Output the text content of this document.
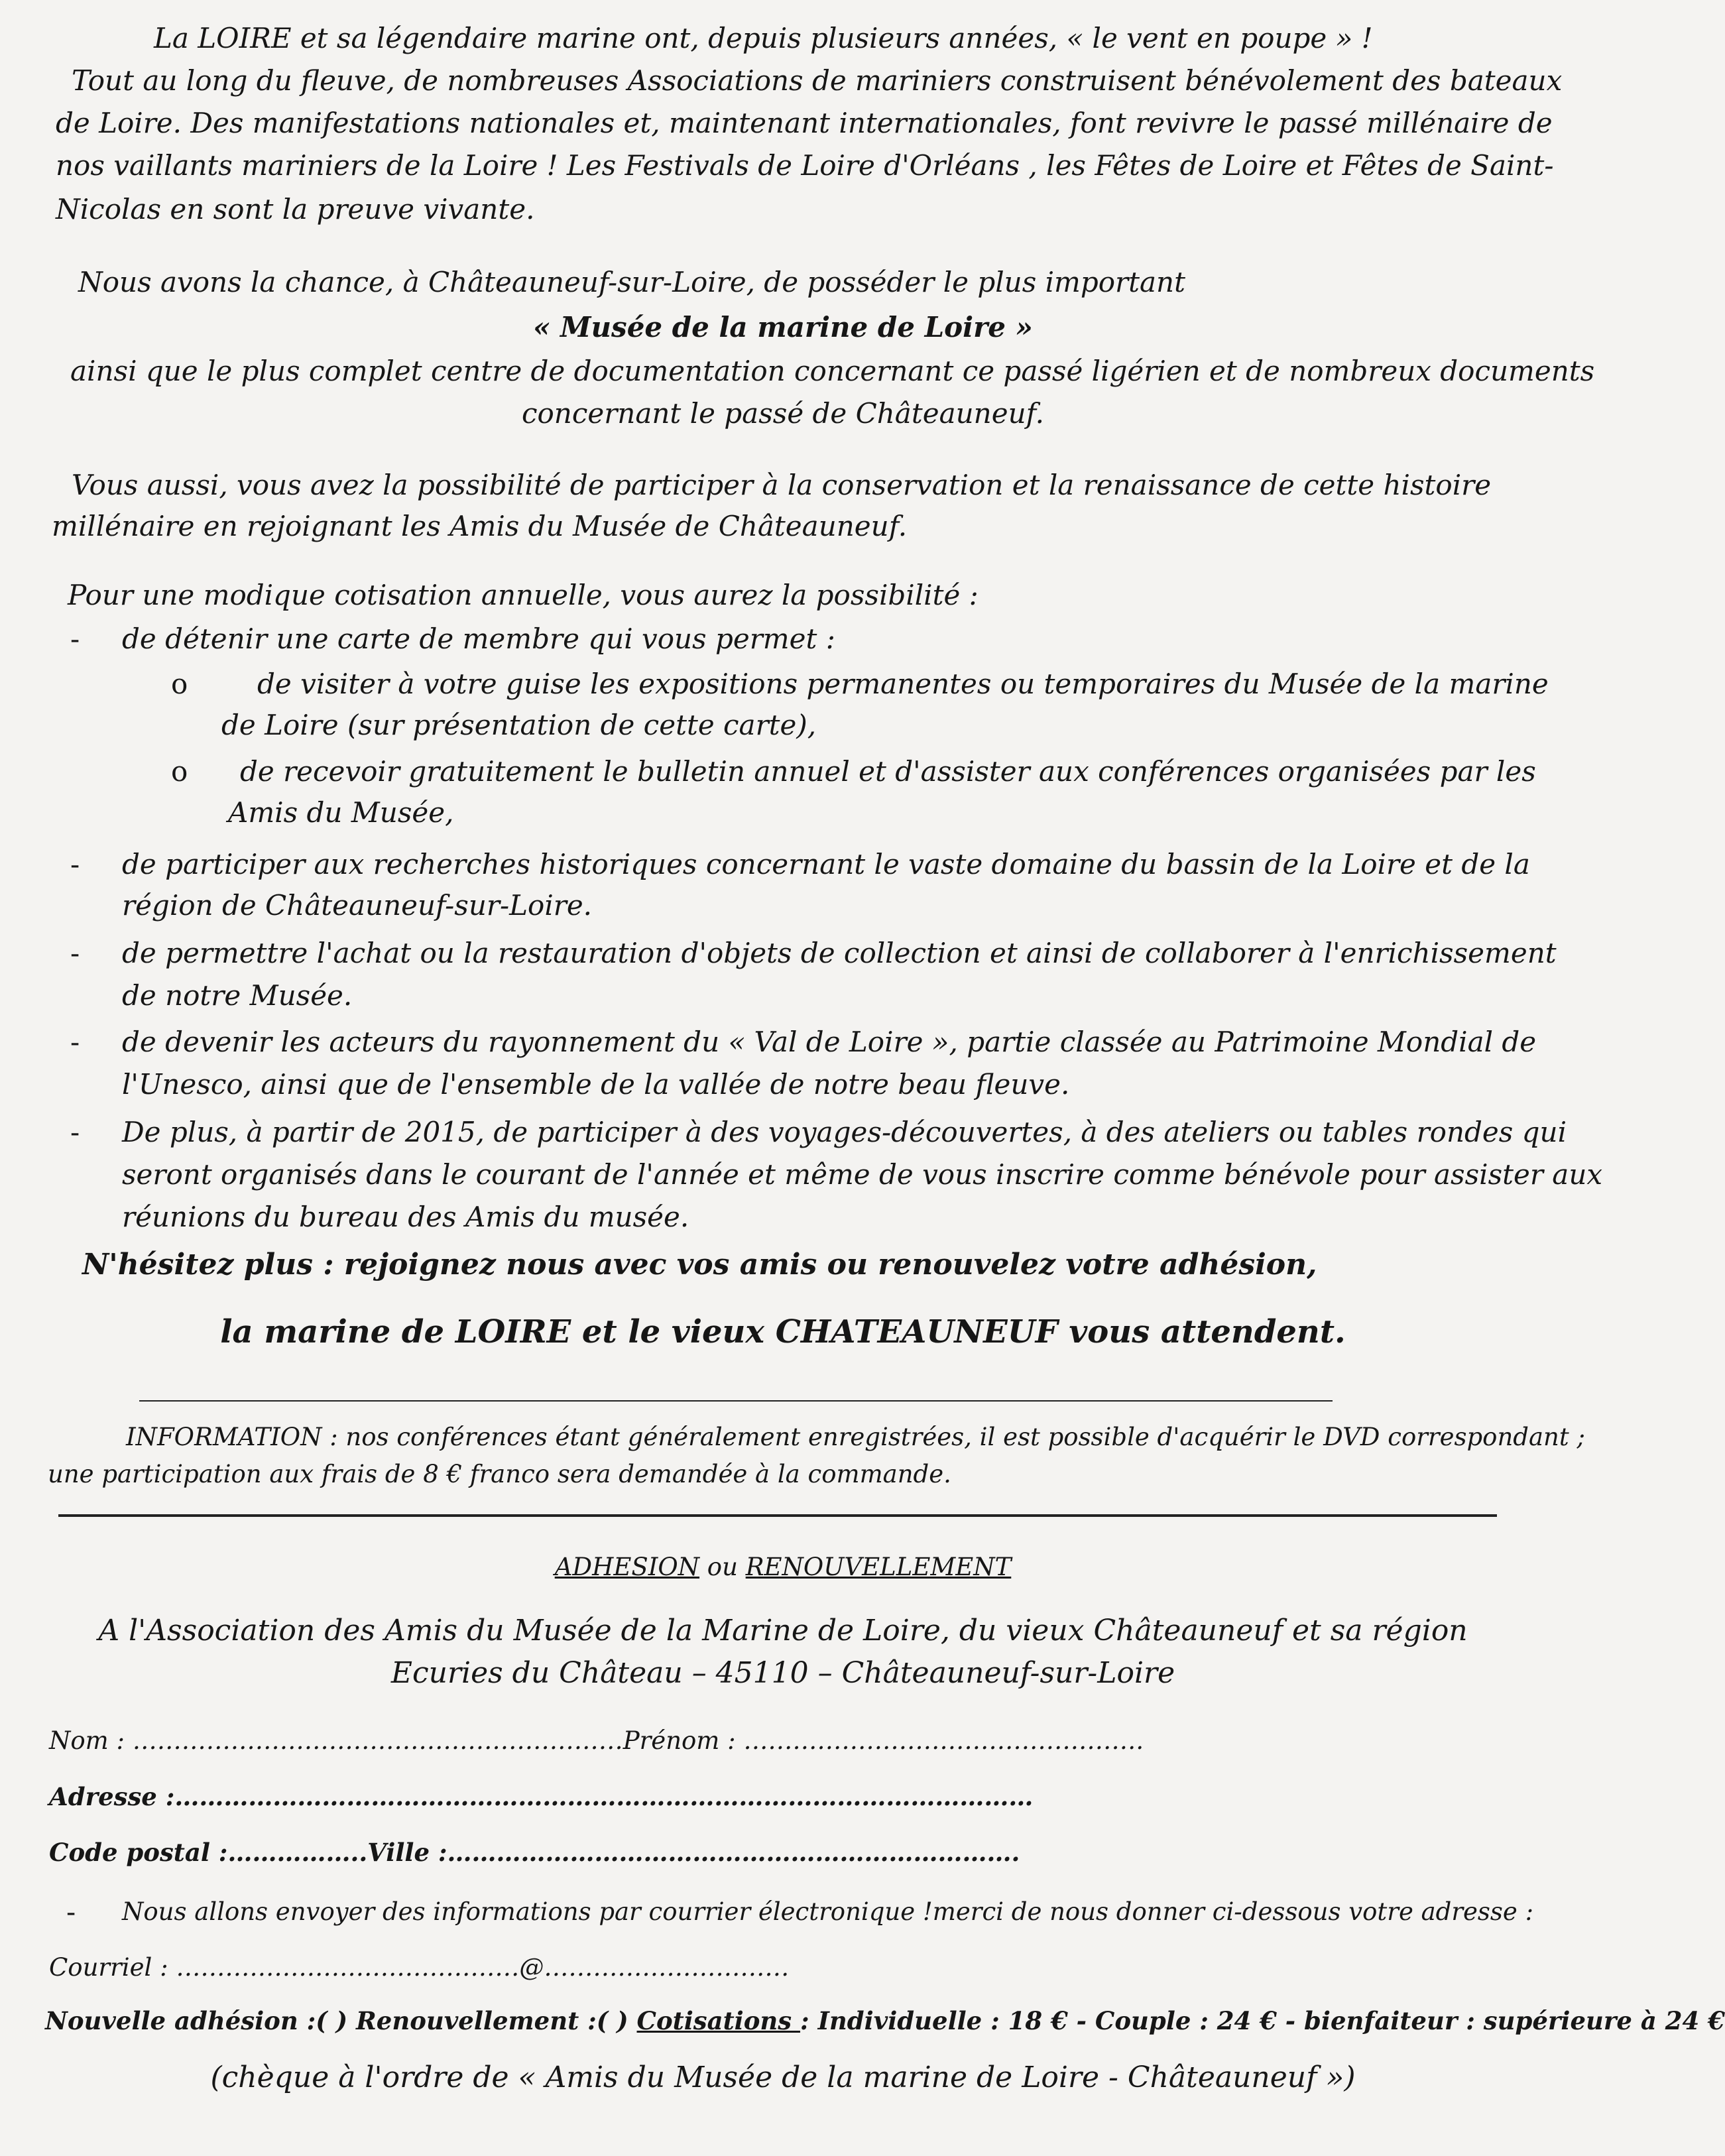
La LOIRE et sa légendaire marine ont, depuis plusieurs années, « le vent en poupe » !
Tout au long du fleuve, de nombreuses Associations de mariniers construisent bénévolement des bateaux
de Loire. Des manifestations nationales et, maintenant internationales, font revivre le passé millénaire de
nos vaillants mariniers de la Loire ! Les Festivals de Loire d'Orléans , les Fêtes de Loire et Fêtes de Saint-
Nicolas en sont la preuve vivante.
Nous avons la chance, à Châteauneuf-sur-Loire, de posséder le plus important
« Musée de la marine de Loire »
ainsi que le plus complet centre de documentation concernant ce passé ligérien et de nombreux documents
concernant le passé de Châteauneuf.
Vous aussi, vous avez la possibilité de participer à la conservation et la renaissance de cette histoire
millénaire en rejoignant les Amis du Musée de Châteauneuf.
Pour une modique cotisation annuelle, vous aurez la possibilité :
- de détenir une carte de membre qui vous permet :
o de visiter à votre guise les expositions permanentes ou temporaires du Musée de la marine
de Loire (sur présentation de cette carte),
o de recevoir gratuitement le bulletin annuel et d'assister aux conférences organisées par les
Amis du Musée,
- de participer aux recherches historiques concernant le vaste domaine du bassin de la Loire et de la
région de Châteauneuf-sur-Loire.
- de permettre l'achat ou la restauration d'objets de collection et ainsi de collaborer à l'enrichissement
de notre Musée.
- de devenir les acteurs du rayonnement du « Val de Loire », partie classée au Patrimoine Mondial de
l'Unesco, ainsi que de l'ensemble de la vallée de notre beau fleuve.
- De plus, à partir de 2015, de participer à des voyages-découvertes, à des ateliers ou tables rondes qui
seront organisés dans le courant de l'année et même de vous inscrire comme bénévole pour assister aux
réunions du bureau des Amis du musée.
N'hésitez plus : rejoignez nous avec vos amis ou renouvelez votre adhésion,
la marine de LOIRE et le vieux CHATEAUNEUF vous attendent.
INFORMATION : nos conférences étant généralement enregistrées, il est possible d'acquérir le DVD correspondant ;
une participation aux frais de 8 € franco sera demandée à la commande.
ADHESION ou RENOUVELLEMENT
A l'Association des Amis du Musée de la Marine de Loire, du vieux Châteauneuf et sa région
Ecuries du Château – 45110 – Châteauneuf-sur-Loire
Nom : ……………………………………………………Prénom : ………………………………………….
Adresse :……………………………………………………………………………………………
Code postal :……………..Ville :…………………………………………………………….
- Nous allons envoyer des informations par courrier électronique !merci de nous donner ci-dessous votre adresse :
Courriel : ……………………………………@…………………………
Nouvelle adhésion :( ) Renouvellement :( ) Cotisations : Individuelle : 18 € - Couple : 24 € - bienfaiteur : supérieure à 24 €
(chèque à l'ordre de « Amis du Musée de la marine de Loire - Châteauneuf »)
